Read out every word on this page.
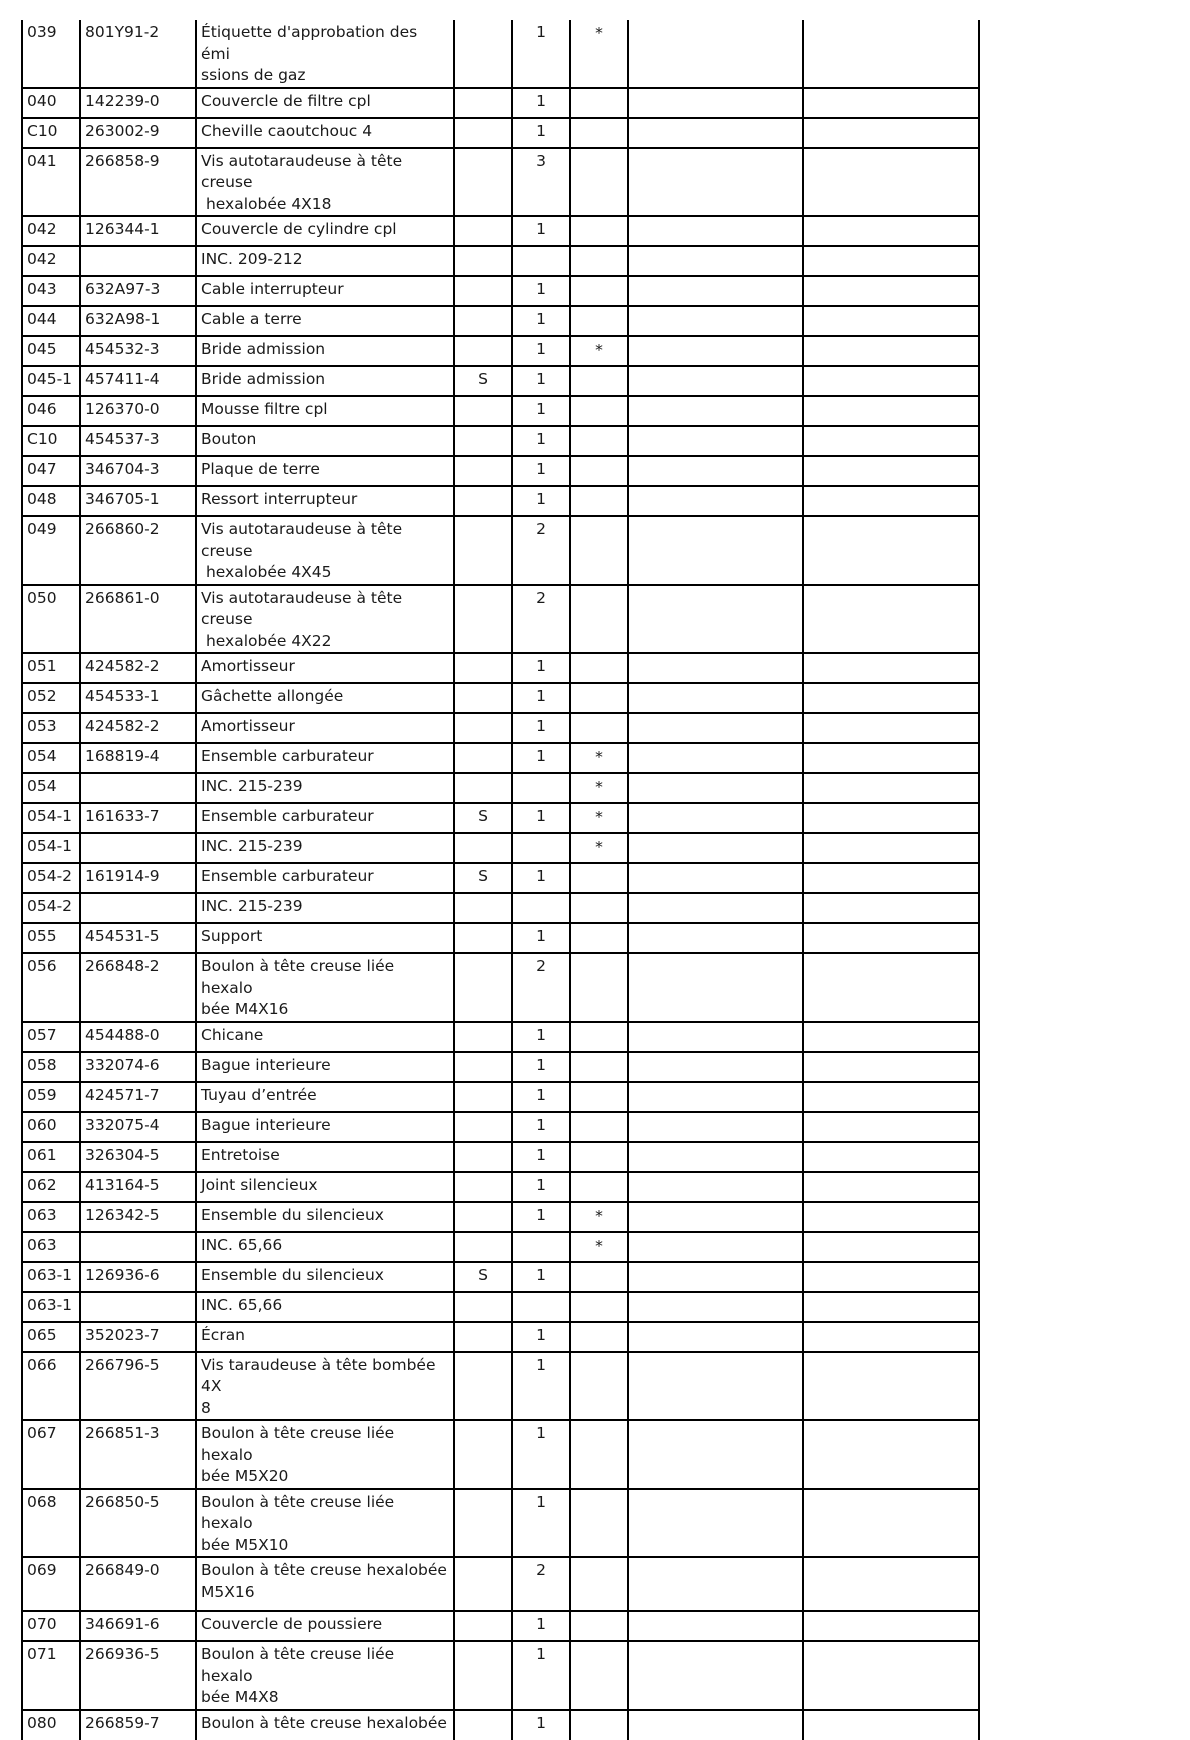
039	801Y91-2	Étiquette d'approbation des émi
ssions de gaz		1	*		
040	142239-0	Couvercle de filtre cpl		1			
C10	263002-9	Cheville caoutchouc 4		1			
041	266858-9	Vis autotaraudeuse à tête creuse
hexalobée 4X18		3			
042	126344-1	Couvercle de cylindre cpl		1			
042		INC. 209-212					
043	632A97-3	Cable interrupteur		1			
044	632A98-1	Cable a terre		1			
045	454532-3	Bride admission		1	*		
045-1	457411-4	Bride admission	S	1			
046	126370-0	Mousse filtre cpl		1			
C10	454537-3	Bouton		1			
047	346704-3	Plaque de terre		1			
048	346705-1	Ressort interrupteur		1			
049	266860-2	Vis autotaraudeuse à tête creuse
hexalobée 4X45		2			
050	266861-0	Vis autotaraudeuse à tête creuse
hexalobée 4X22		2			
051	424582-2	Amortisseur		1			
052	454533-1	Gâchette allongée		1			
053	424582-2	Amortisseur		1			
054	168819-4	Ensemble carburateur		1	*		
054		INC. 215-239			*		
054-1	161633-7	Ensemble carburateur	S	1	*		
054-1		INC. 215-239			*		
054-2	161914-9	Ensemble carburateur	S	1			
054-2		INC. 215-239					
055	454531-5	Support		1			
056	266848-2	Boulon à tête creuse liée hexalo
bée M4X16		2			
057	454488-0	Chicane		1			
058	332074-6	Bague interieure		1			
059	424571-7	Tuyau d’entrée		1			
060	332075-4	Bague interieure		1			
061	326304-5	Entretoise		1			
062	413164-5	Joint silencieux		1			
063	126342-5	Ensemble du silencieux		1	*		
063		INC. 65,66			*		
063-1	126936-6	Ensemble du silencieux	S	1			
063-1		INC. 65,66					
065	352023-7	Écran		1			
066	266796-5	Vis taraudeuse à tête bombée 4X
8		1			
067	266851-3	Boulon à tête creuse liée hexalo
bée M5X20		1			
068	266850-5	Boulon à tête creuse liée hexalo
bée M5X10		1			
069	266849-0	Boulon à tête creuse hexalobée
M5X16		2			
070	346691-6	Couvercle de poussiere		1			
071	266936-5	Boulon à tête creuse liée hexalo
bée M4X8		1			
080	266859-7	Boulon à tête creuse hexalobée		1			
